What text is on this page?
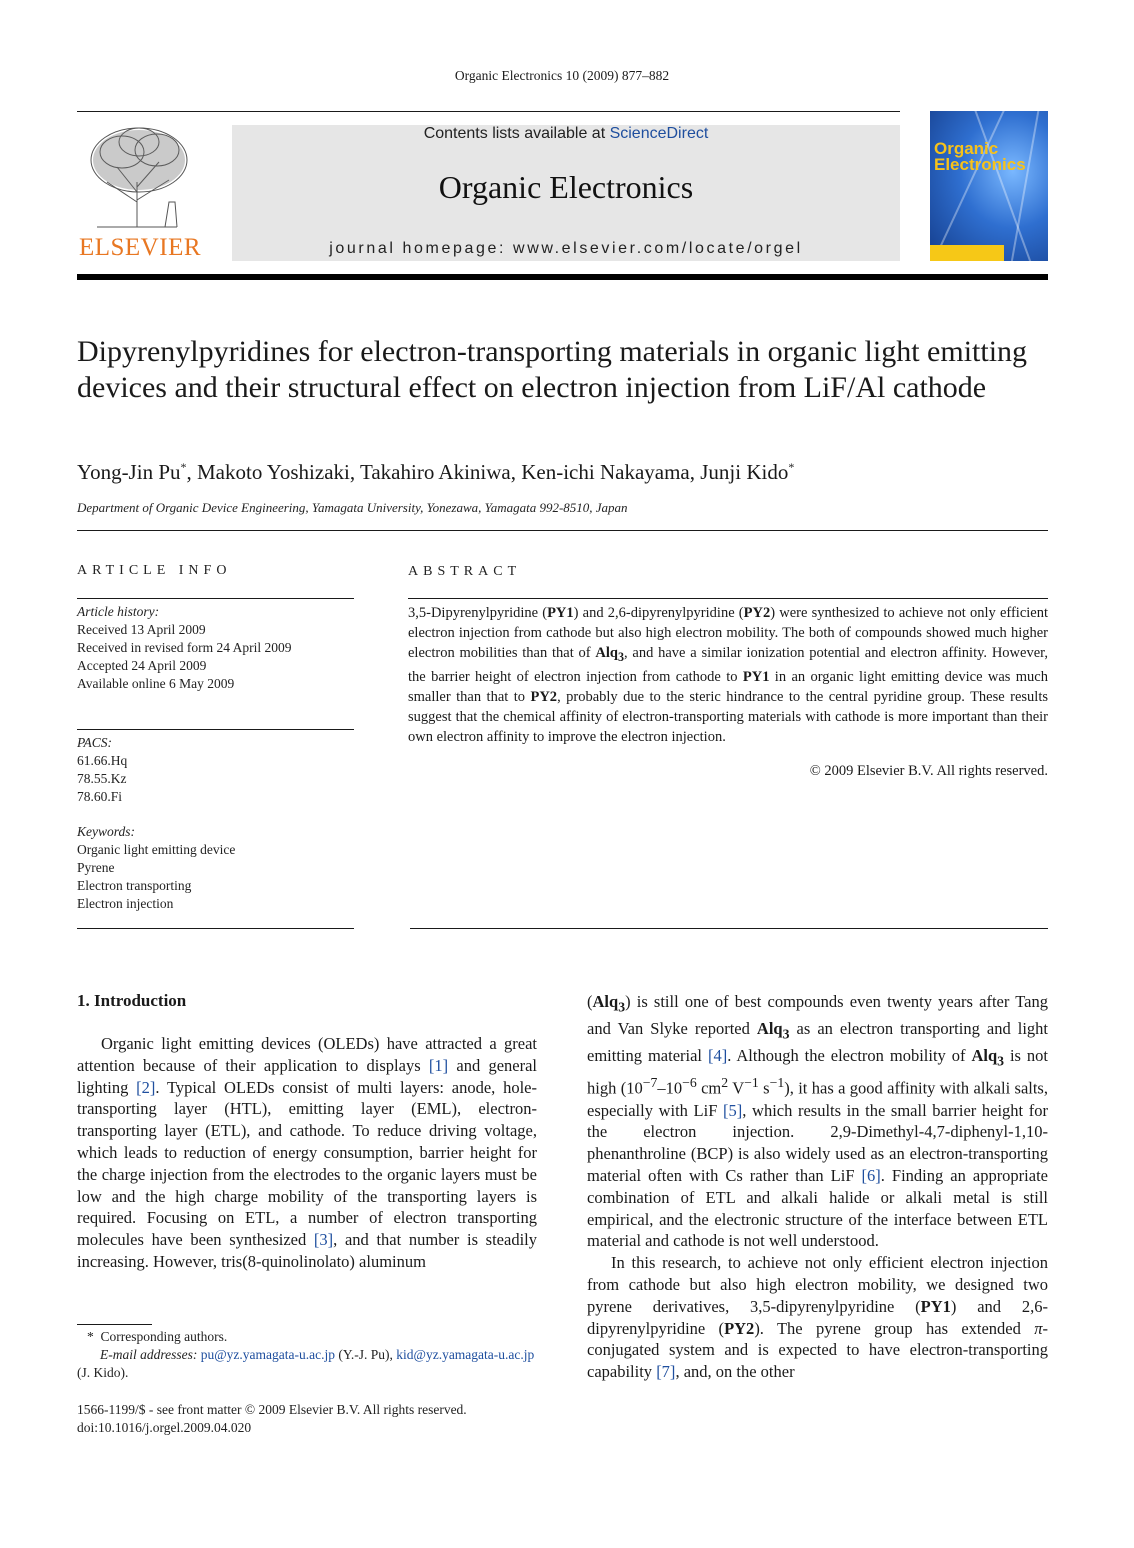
Organic Electronics 10 (2009) 877–882
ELSEVIER
Contents lists available at ScienceDirect
Organic Electronics
journal homepage: www.elsevier.com/locate/orgel
Organic
Electronics
Dipyrenylpyridines for electron-transporting materials in organic light emitting devices and their structural effect on electron injection from LiF/Al cathode
Yong-Jin Pu*, Makoto Yoshizaki, Takahiro Akiniwa, Ken-ichi Nakayama, Junji Kido*
Department of Organic Device Engineering, Yamagata University, Yonezawa, Yamagata 992-8510, Japan
ARTICLE INFO
Article history:
Received 13 April 2009
Received in revised form 24 April 2009
Accepted 24 April 2009
Available online 6 May 2009
PACS:
61.66.Hq
78.55.Kz
78.60.Fi
Keywords:
Organic light emitting device
Pyrene
Electron transporting
Electron injection
ABSTRACT
3,5-Dipyrenylpyridine (PY1) and 2,6-dipyrenylpyridine (PY2) were synthesized to achieve not only efficient electron injection from cathode but also high electron mobility. The both of compounds showed much higher electron mobilities than that of Alq$_3$, and have a similar ionization potential and electron affinity. However, the barrier height of electron injection from cathode to PY1 in an organic light emitting device was much smaller than that to PY2, probably due to the steric hindrance to the central pyridine group. These results suggest that the chemical affinity of electron-transporting materials with cathode is more important than their own electron affinity to improve the electron injection.
© 2009 Elsevier B.V. All rights reserved.
1. Introduction

Organic light emitting devices (OLEDs) have attracted a great attention because of their application to displays [1] and general lighting [2]. Typical OLEDs consist of multi layers: anode, hole-transporting layer (HTL), emitting layer (EML), electron-transporting layer (ETL), and cathode. To reduce driving voltage, which leads to reduction of energy consumption, barrier height for the charge injection from the electrodes to the organic layers must be low and the high charge mobility of the transporting layers is required. Focusing on ETL, a number of electron transporting molecules have been synthesized [3], and that number is steadily increasing. However, tris(8-quinolinolato) aluminum

(Alq$_3$) is still one of best compounds even twenty years after Tang and Van Slyke reported Alq$_3$ as an electron transporting and light emitting material [4]. Although the electron mobility of Alq$_3$ is not high ($10^{-7}-10^{-6}$ $cm^2$ $V^{-1}$ $s^{-1}$), it has a good affinity with alkali salts, especially with LiF [5], which results in the small barrier height for the electron injection. 2,9-Dimethyl-4,7-diphenyl-1,10-phenanthroline (BCP) is also widely used as an electron-transporting material often with Cs rather than LiF [6]. Finding an appropriate combination of ETL and alkali halide or alkali metal is still empirical, and the electronic structure of the interface between ETL material and cathode is not well understood.

In this research, to achieve not only efficient electron injection from cathode but also high electron mobility, we designed two pyrene derivatives, 3,5-dipyrenylpyridine (PY1) and 2,6-dipyrenylpyridine (PY2). The pyrene group has extended π-conjugated system and is expected to have electron-transporting capability [7], and, on the other

* Corresponding authors.
E-mail addresses: pu@yz.yamagata-u.ac.jp (Y.-J. Pu), kid@yz.yamagata-u.ac.jp (J. Kido).
1566-1199/$ - see front matter © 2009 Elsevier B.V. All rights reserved.
doi:10.1016/j.orgel.2009.04.020
